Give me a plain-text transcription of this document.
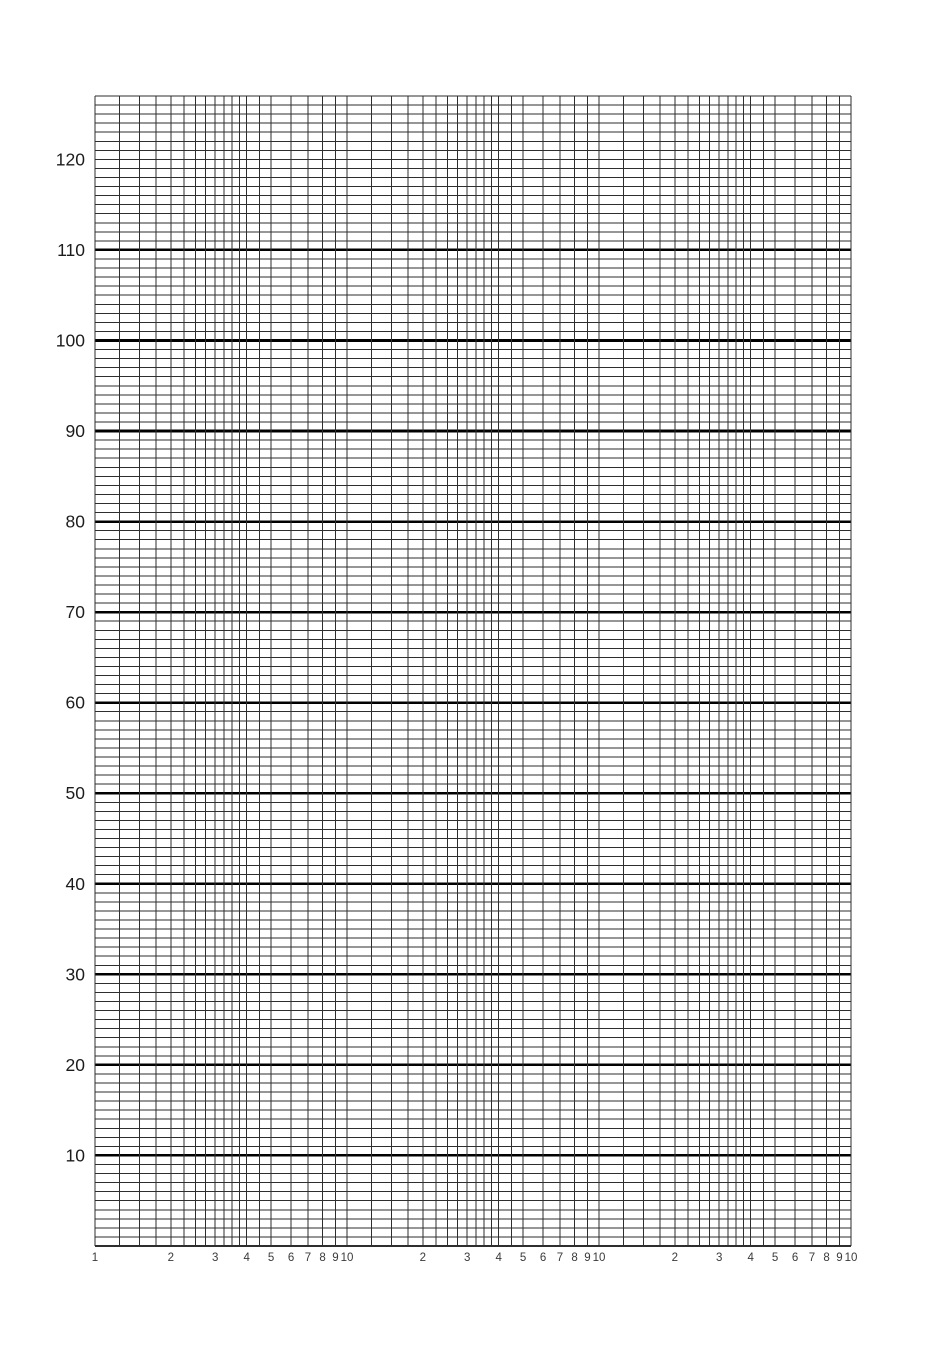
10
20
30
40
50
60
70
80
90
100
110
120
1	2	3 4 5 6 7 8 9 10	2	3 4 5 6 7 8 9 10	2	3 4 5 6 7 8 9 10
